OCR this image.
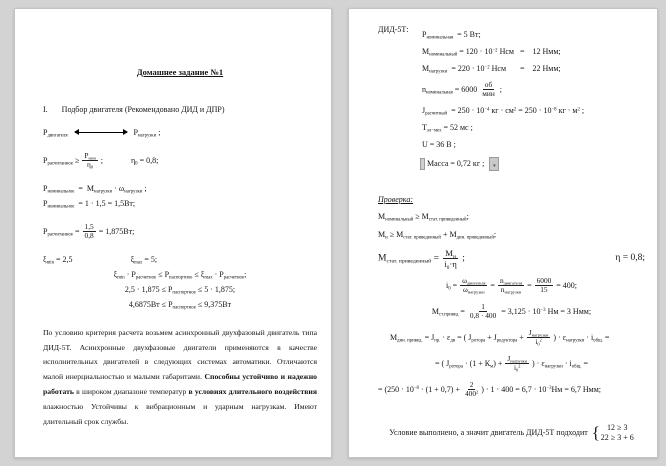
Домашнее задание №1
I. Подбор двигателя (Рекомендовано ДИД и ДПР)
$P_{двигателя}$	$P_{нагрузки}$ ;
$P_{расчитанное} \ge \frac{P_{ном}}{\eta_0}$ ;	$\eta_0 = 0,8$;
$P_{номинальное} = M_{нагрузки} \cdot \omega_{нагрузки}$ ;
$P_{номинальное} = 1 \cdot 1,5 = 1,5Вт$;
$P_{расчитанное} = \frac{1,5}{0,8} = 1,875Вт$;
$\xi_{min} = 2,5$	$\xi_{max} = 5$;
$\xi_{min} \cdot P_{расчетное} \le P_{паспортное} \le \xi_{max} \cdot P_{расчетное}$;
$2,5 \cdot 1,875 \le P_{паспортное} \le 5 \cdot 1,875$;
$4,6875Вт \le P_{паспортное} \le 9,375Вт$
По условию критерия расчета возьмем асинхронный двухфазовый двигатель типа ДИД-5Т. Асинхронные двухфазовые двигатели применяются в качестве исполнительных двигателей в следующих системах автоматики. Отличаются малой инерциальностью и малыми габаритами. Способны устойчиво и надежно работать в широком диапазоне температур в условиях длительного воздействия влажностью Устойчивы к вибрационным и ударным нагрузкам. Имеют длительный срок службы.
ДИД-5Т:
$P_{номинальная} = 5$ Вт;
$M_{номинальный} = 120 \cdot 10^{-2}$ Нсм   =    12 Нмм;
$M_{нагрузки} = 220 \cdot 10^{-2}$ Нсм       =    22 Нмм;
$n_{номинальная} = 6000 \frac{об}{\text{мин}}$ ;
$J_{расчитный} = 250 \cdot 10^{-4}$ кг · $см^2 = 250 \cdot 10^{-8}$ кг · $м^2$ ;
$T_{эл-мех} = 52$ мс ;
U = 36 В ;
Масса = 0,72 кг ; ▾
Проверка:
$M_{номинальный} \ge M_{стат. приведенный}$;
$M_н \ge M_{стат. приведенный} + M_{дин. приведенный}$;
$M_{стат. приведенный} = \frac{M_н}{i_0\cdot\eta}$ ;	η = 0,8;
$i_0 = \frac{\omega_{двигателя}}{\omega_{нагрузки}} = \frac{n_{двигателя}}{n_{нагрузки}} = \frac{6000}{15} = 400$;
$M_{ст.привед} = \frac{1}{0,8 \cdot 400} = 3,125 \cdot 10^{-3}$ Нм = 3 Нмм;
$M_{дин. привед.} = J_{пр.} \cdot \varepsilon_{дв}$ = ( $J_{ротора} + J_{редуктора} + \frac{J_{нагрузки}}{i_0^2}$ ) · $\varepsilon_{нагрузки} \cdot i_{общ.}$ =
= ( $J_{ротора} \cdot (1 + К_м) + \frac{J_{нагрузки}}{i_0^2}$ ) · $\varepsilon_{нагрузки} \cdot i_{общ.}$ =
= ($250 \cdot 10^{-8} \cdot (1 + 0,7) + \frac{2}{400^2}$ ) · $1 \cdot 400 = 6,7 \cdot 10^{-3}Нм = 6,7$ Нмм;
Условие выполнено, а значит двигатель ДИД-5Т подходит { 12 ≥ 3
22 ≥ 3 + 6
